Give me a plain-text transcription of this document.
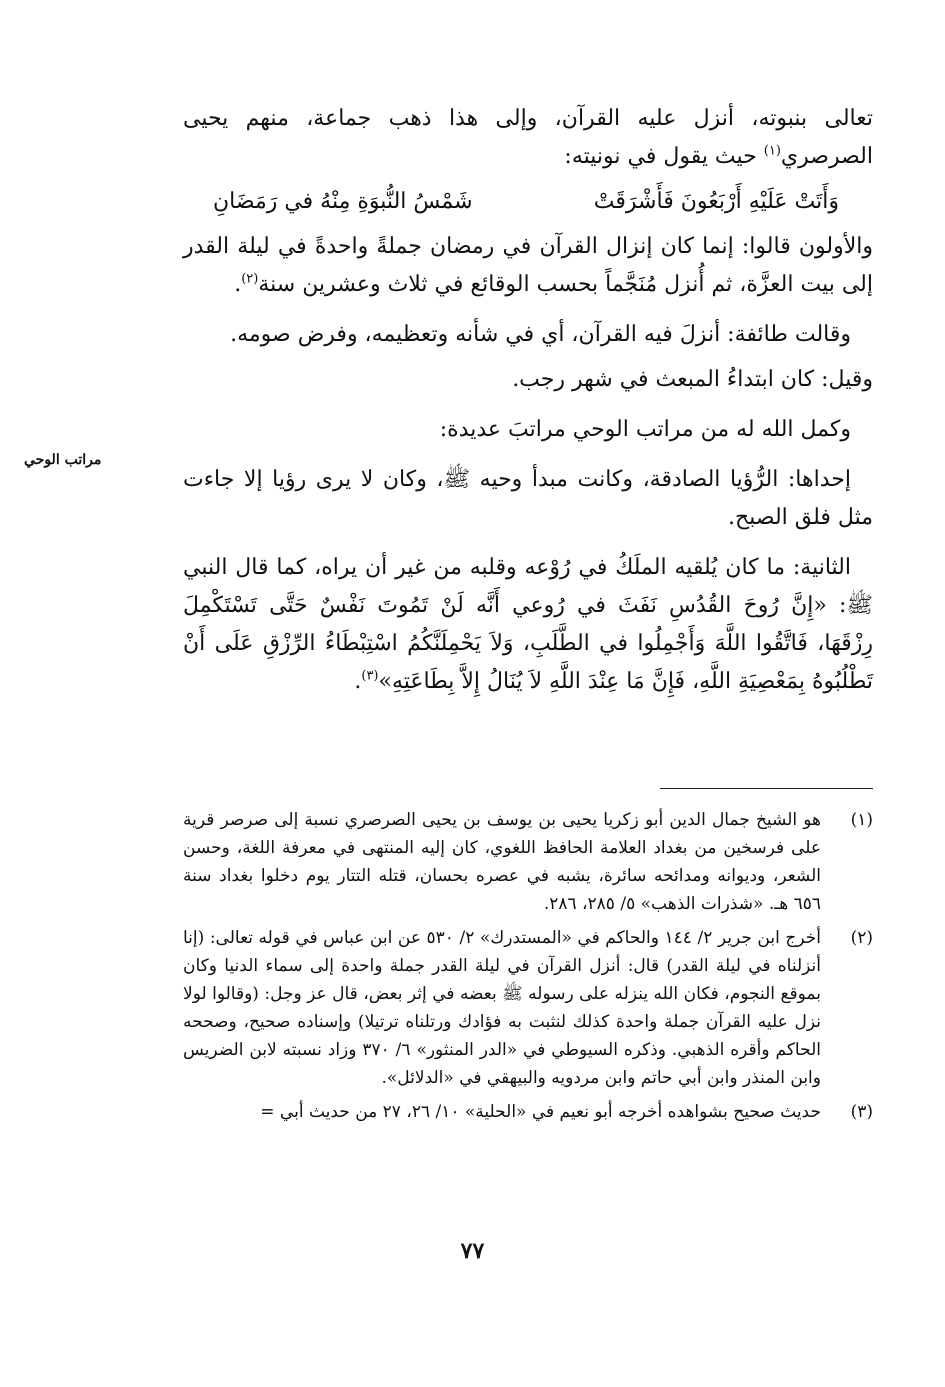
مراتب الوحي

تعالى بنبوته، أنزل عليه القرآن، وإلى هذا ذهب جماعة، منهم يحيى الصرصري$^{(١)}$ حيث يقول في نونيته:

وَأَتَتْ عَلَيْهِ أَرْبَعُونَ فَأَشْرَقَتْ
شَمْسُ النُّبوَةِ مِنْهُ في رَمَضَانِ

والأولون قالوا: إنما كان إنزال القرآن في رمضان جملةً واحدةً في ليلة القدر إلى بيت العزَّة، ثم أُنزل مُنَجَّماً بحسب الوقائع في ثلاث وعشرين سنة$^{(٢)}$.

وقالت طائفة: أنزلَ فيه القرآن، أي في شأنه وتعظيمه، وفرض صومه.

وقيل: كان ابتداءُ المبعث في شهر رجب.

وكمل الله له من مراتب الوحي مراتبَ عديدة:

إحداها: الرُّؤيا الصادقة، وكانت مبدأ وحيه ﷺ، وكان لا يرى رؤيا إلا جاءت مثل فلق الصبح.

الثانية: ما كان يُلقيه الملَكُ في رُوْعه وقلبه من غير أن يراه، كما قال النبي ﷺ: «إِنَّ رُوحَ القُدُسِ نَفَثَ في رُوعي أَنَّه لَنْ تَمُوتَ نَفْسٌ حَتَّى تَسْتَكْمِلَ رِزْقَهَا، فَاتَّقُوا اللَّهَ وَأَجْمِلُوا في الطَّلَبِ، وَلاَ يَحْمِلَنَّكُمُ اسْتِبْطَاءُ الرِّزْقِ عَلَى أَنْ تَطْلُبُوهُ بِمَعْصِيَةِ اللَّهِ، فَإِنَّ مَا عِنْدَ اللَّهِ لاَ يُنَالُ إِلاَّ بِطَاعَتِهِ»$^{(٣)}$.

(١)
هو الشيخ جمال الدين أبو زكريا يحيى بن يوسف بن يحيى الصرصري نسبة إلى صرصر قرية على فرسخين من بغداد العلامة الحافظ اللغوي، كان إليه المنتهى في معرفة اللغة، وحسن الشعر، وديوانه ومدائحه سائرة، يشبه في عصره بحسان، قتله التتار يوم دخلوا بغداد سنة ٦٥٦ هـ. «شذرات الذهب» ٥/ ٢٨٥، ٢٨٦.
(٢)
أخرج ابن جرير ٢/ ١٤٤ والحاكم في «المستدرك» ٢/ ٥٣٠ عن ابن عباس في قوله تعالى: (إنا أنزلناه في ليلة القدر) قال: أنزل القرآن في ليلة القدر جملة واحدة إلى سماء الدنيا وكان بموقع النجوم، فكان الله ينزله على رسوله ﷺ بعضه في إثر بعض، قال عز وجل: (وقالوا لولا نزل عليه القرآن جملة واحدة كذلك لنثبت به فؤادك ورتلناه ترتيلا) وإسناده صحيح، وصححه الحاكم وأقره الذهبي. وذكره السيوطي في «الدر المنثور» ٦/ ٣٧٠ وزاد نسبته لابن الضريس وابن المنذر وابن أبي حاتم وابن مردويه والبيهقي في «الدلائل».
(٣)
حديث صحيح بشواهده أخرجه أبو نعيم في «الحلية» ١٠/ ٢٦، ٢٧ من حديث أبي =
٧٧
